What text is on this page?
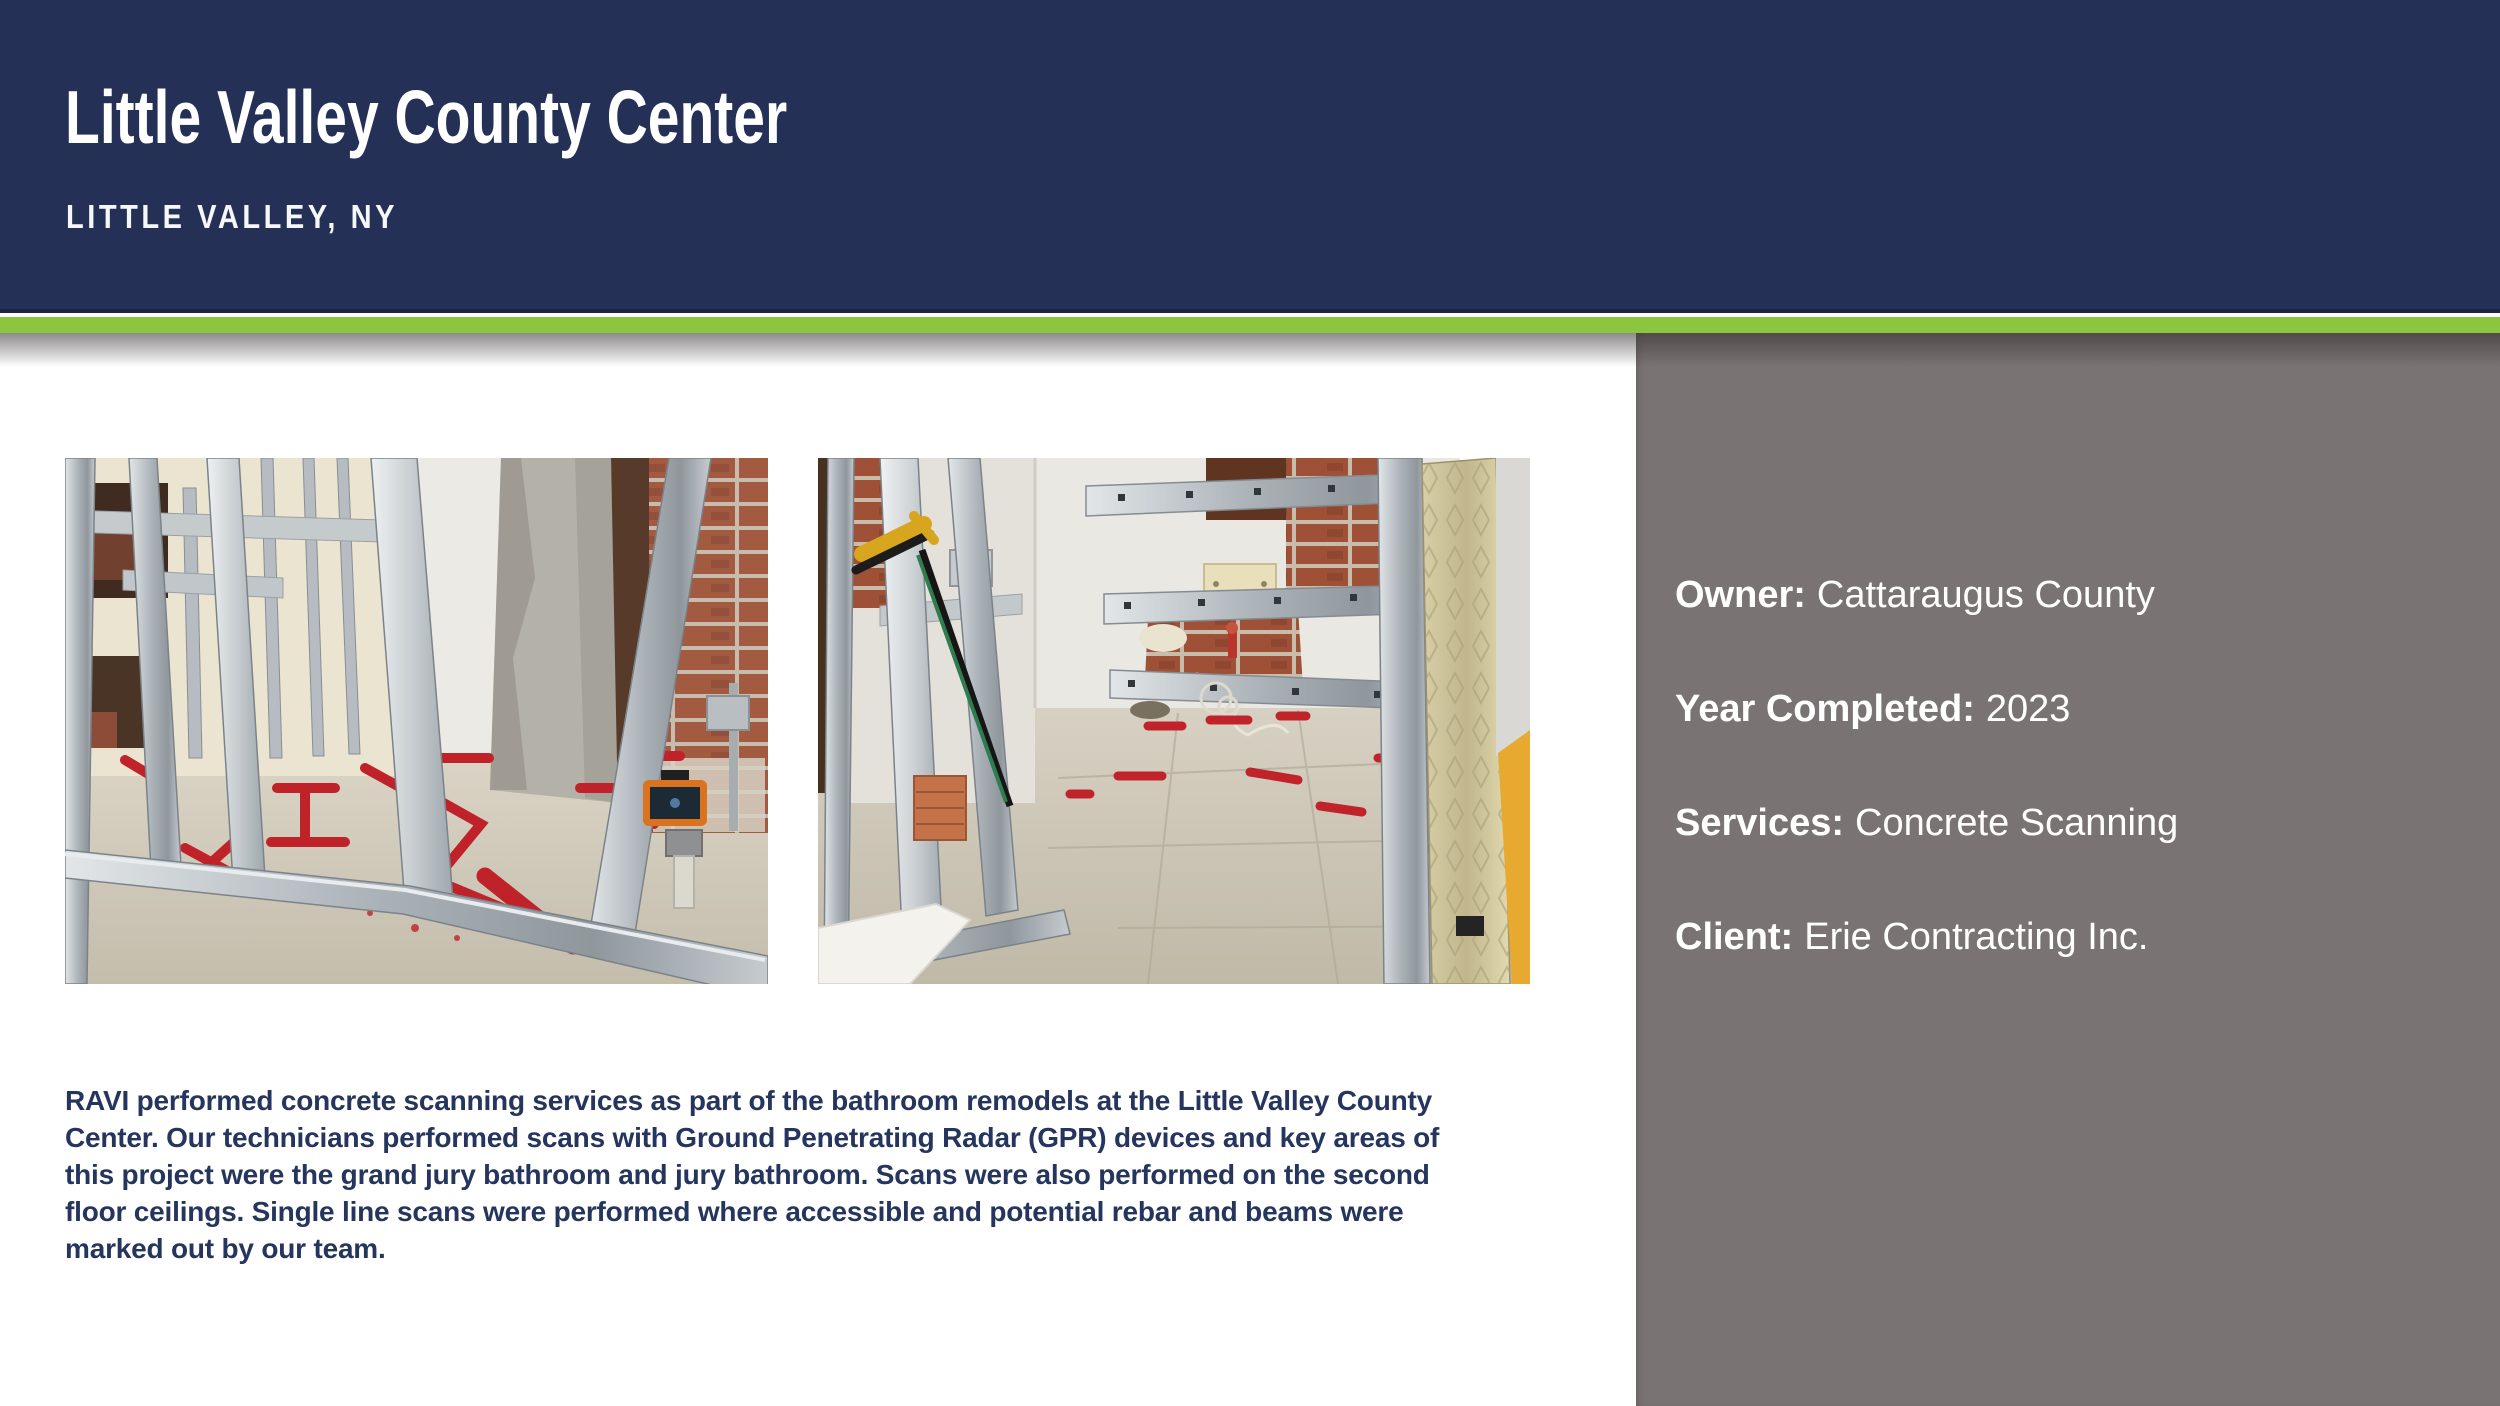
Little Valley County Center
LITTLE VALLEY, NY

RAVI performed concrete scanning services as part of the bathroom remodels at the Little Valley County Center. Our technicians performed scans with Ground Penetrating Radar (GPR) devices and key areas of this project were the grand jury bathroom and jury bathroom. Scans were also performed on the second floor ceilings. Single line scans were performed where accessible and potential rebar and beams were marked out by our team.

Owner: Cattaraugus County
Year Completed: 2023
Services: Concrete Scanning
Client: Erie Contracting Inc.
